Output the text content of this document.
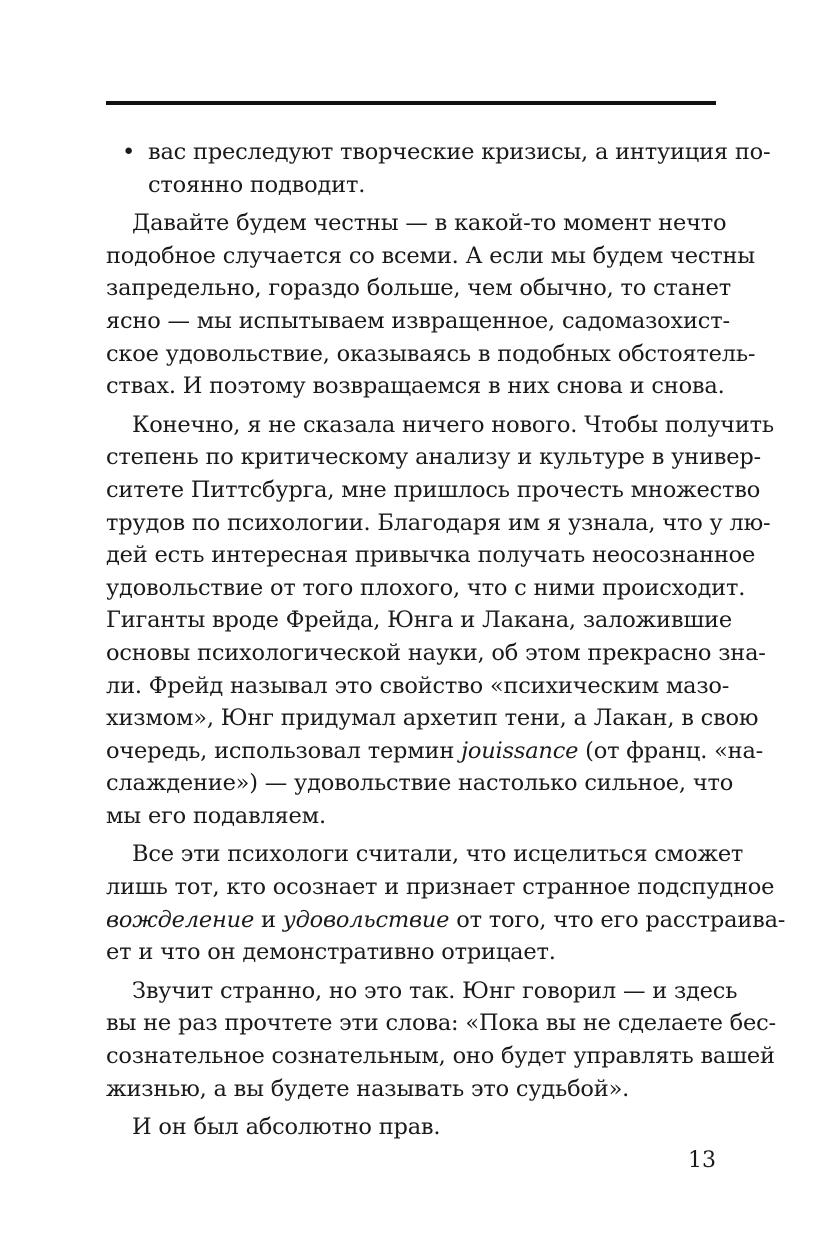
• вас преследуют творческие кризисы, а интуиция по-
стоянно подводит.
Давайте будем честны — в какой-то момент нечто
подобное случается со всеми. А если мы будем честны
запредельно, гораздо больше, чем обычно, то станет
ясно — мы испытываем извращенное, садомазохист-
ское удовольствие, оказываясь в подобных обстоятель-
ствах. И поэтому возвращаемся в них снова и снова.
Конечно, я не сказала ничего нового. Чтобы получить
степень по критическому анализу и культуре в универ-
ситете Питтсбурга, мне пришлось прочесть множество
трудов по психологии. Благодаря им я узнала, что у лю-
дей есть интересная привычка получать неосознанное
удовольствие от того плохого, что с ними происходит.
Гиганты вроде Фрейда, Юнга и Лакана, заложившие
основы психологической науки, об этом прекрасно зна-
ли. Фрейд называл это свойство «психическим мазо-
хизмом», Юнг придумал архетип тени, а Лакан, в свою
очередь, использовал термин jouissance (от франц. «на-
слаждение») — удовольствие настолько сильное, что
мы его подавляем.
Все эти психологи считали, что исцелиться сможет
лишь тот, кто осознает и признает странное подспудное
вожделение и удовольствие от того, что его расстраива-
ет и что он демонстративно отрицает.
Звучит странно, но это так. Юнг говорил — и здесь
вы не раз прочтете эти слова: «Пока вы не сделаете бес-
сознательное сознательным, оно будет управлять вашей
жизнью, а вы будете называть это судьбой».
И он был абсолютно прав.
13
